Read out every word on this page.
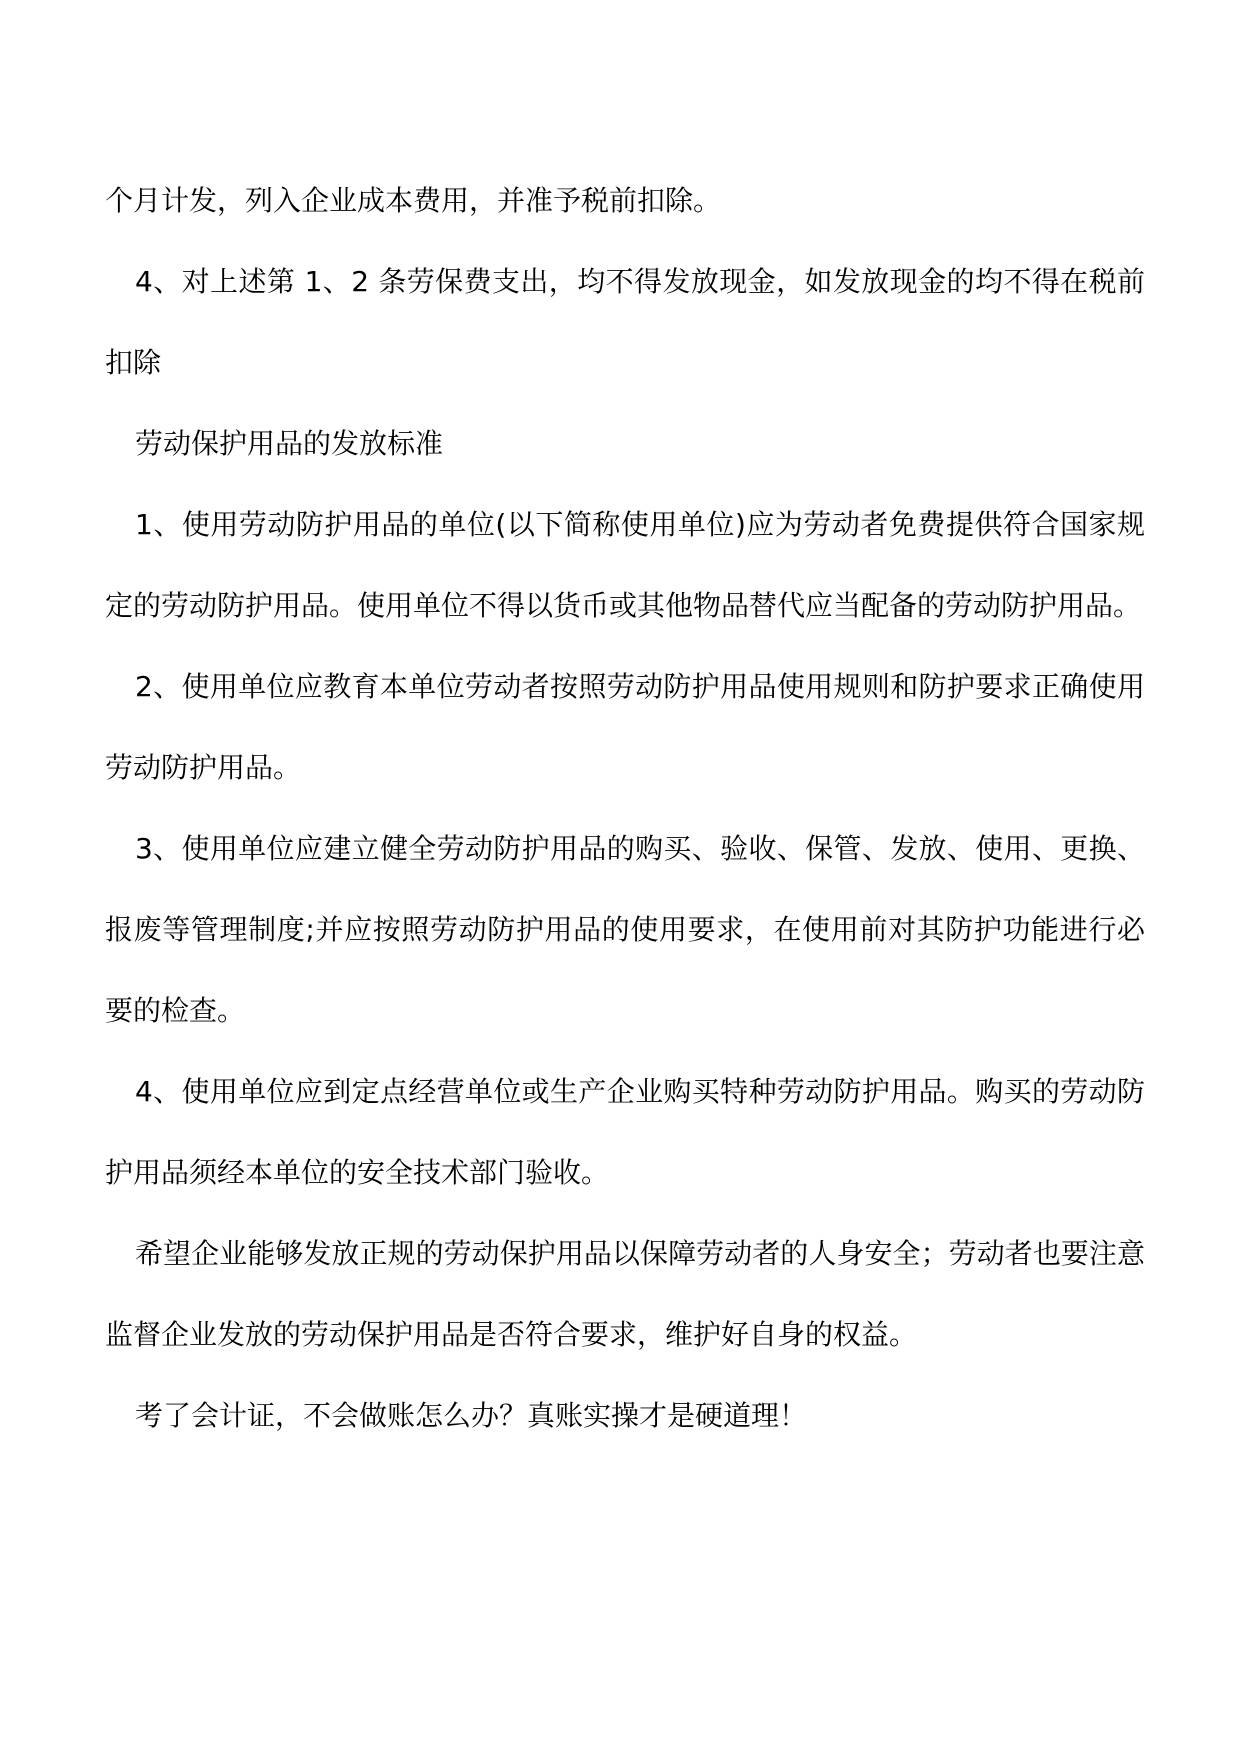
个月计发，列入企业成本费用，并准予税前扣除。

4、对上述第 1、2 条劳保费支出，均不得发放现金，如发放现金的均不得在税前扣除

劳动保护用品的发放标准

1、使用劳动防护用品的单位(以下简称使用单位)应为劳动者免费提供符合国家规定的劳动防护用品。使用单位不得以货币或其他物品替代应当配备的劳动防护用品。

2、使用单位应教育本单位劳动者按照劳动防护用品使用规则和防护要求正确使用劳动防护用品。

3、使用单位应建立健全劳动防护用品的购买、验收、保管、发放、使用、更换、报废等管理制度;并应按照劳动防护用品的使用要求，在使用前对其防护功能进行必要的检查。

4、使用单位应到定点经营单位或生产企业购买特种劳动防护用品。购买的劳动防护用品须经本单位的安全技术部门验收。

希望企业能够发放正规的劳动保护用品以保障劳动者的人身安全；劳动者也要注意监督企业发放的劳动保护用品是否符合要求，维护好自身的权益。

考了会计证，不会做账怎么办？真账实操才是硬道理！
